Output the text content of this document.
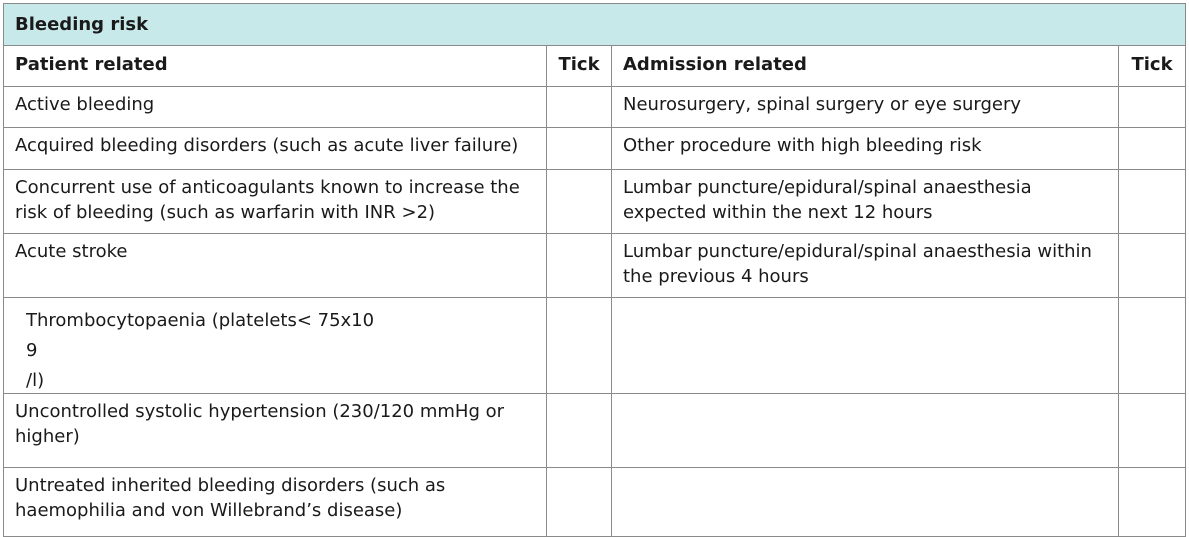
Bleeding risk			

Patient related	Tick	Admission related	Tick

Active bleeding		Neurosurgery, spinal surgery or eye surgery	

Acquired bleeding disorders (such as acute liver failure)		Other procedure with high bleeding risk	

Concurrent use of anticoagulants known to increase the risk of bleeding (such as warfarin with INR >2)		Lumbar puncture/epidural/spinal anaesthesia expected within the next 12 hours	

Acute stroke		Lumbar puncture/epidural/spinal anaesthesia within the previous 4 hours	

Thrombocytopaenia (platelets< 75x10
9
/l)			

Uncontrolled systolic hypertension (230/120 mmHg or higher)			

Untreated inherited bleeding disorders (such as haemophilia and von Willebrand’s disease)			
